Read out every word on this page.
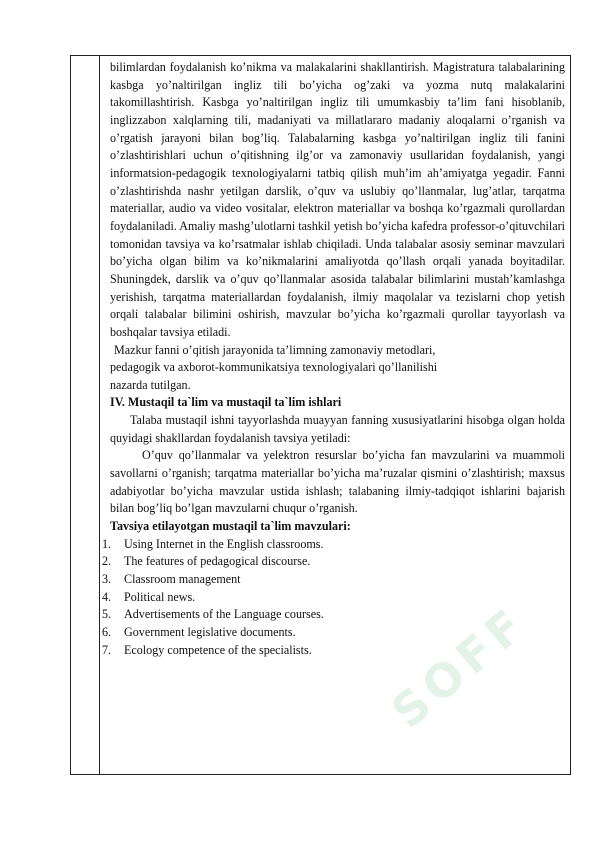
SOFF

bilimlardan foydalanish ko’nikma va malakalarini shakllantirish. Magistratura talabalarining kasbga yo’naltirilgan ingliz tili bo’yicha og’zaki va yozma nutq malakalarini takomillashtirish. Kasbga yo’naltirilgan ingliz tili umumkasbiy ta’lim fani hisoblanib, inglizzabon xalqlarning tili, madaniyati va millatlararo madaniy aloqalarni o’rganish va o’rgatish jarayoni bilan bog’liq. Talabalarning kasbga yo’naltirilgan ingliz tili fanini o’zlashtirishlari uchun o’qitishning ilg’or va zamonaviy usullaridan foydalanish, yangi informatsion-pedagogik texnologiyalarni tatbiq qilish muh’im ah’amiyatga yegadir. Fanni o’zlashtirishda nashr yetilgan darslik, o’quv va uslubiy qo’llanmalar, lug’atlar, tarqatma materiallar, audio va video vositalar, elektron materiallar va boshqa ko’rgazmali qurollardan foydalaniladi. Amaliy mashg’ulotlarni tashkil yetish bo’yicha kafedra professor-o’qituvchilari tomonidan tavsiya va ko’rsatmalar ishlab chiqiladi. Unda talabalar asosiy seminar mavzulari bo’yicha olgan bilim va ko’nikmalarini amaliyotda qo’llash orqali yanada boyitadilar. Shuningdek, darslik va o’quv qo’llanmalar asosida talabalar bilimlarini mustah’kamlashga yerishish, tarqatma materiallardan foydalanish, ilmiy maqolalar va tezislarni chop yetish orqali talabalar bilimini oshirish, mavzular bo’yicha ko’rgazmali qurollar tayyorlash va boshqalar tavsiya etiladi.

Mazkur fanni o’qitish jarayonida ta’limning zamonaviy metodlari,
pedagogik va axborot-kommunikatsiya texnologiyalari qo’llanilishi
nazarda tutilgan.

IV. Mustaqil ta`lim va mustaqil ta`lim ishlari

Talaba mustaqil ishni tayyorlashda muayyan fanning xususiyatlarini hisobga olgan holda quyidagi shakllardan foydalanish tavsiya yetiladi:

O’quv qo’llanmalar va yelektron resurslar bo’yicha fan mavzularini va muammoli savollarni o’rganish; tarqatma materiallar bo’yicha ma’ruzalar qismini o’zlashtirish; maxsus adabiyotlar bo’yicha mavzular ustida ishlash; talabaning ilmiy-tadqiqot ishlarini bajarish bilan bog’liq bo’lgan mavzularni chuqur o’rganish.

Tavsiya etilayotgan mustaqil ta`lim mavzulari:

1.	Using Internet in the English classrooms.
2.	The features of pedagogical discourse.
3.	Classroom management
4.	Political news.
5.	Advertisements of the Language courses.
6.	Government legislative documents.
7.	Ecology competence of the specialists.
